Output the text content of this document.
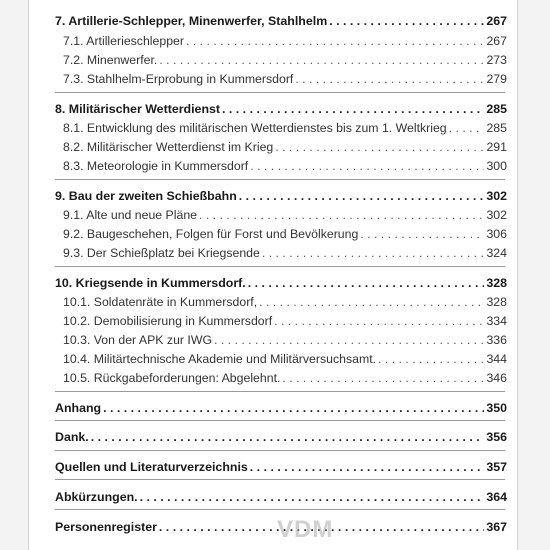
7. Artillerie-Schlepper, Minenwerfer, Stahlhelm . . .	267
7.1. Artillerieschlepper . . .	267
7.2. Minenwerfer. . . .	273
7.3. Stahlhelm-Erprobung in Kummersdorf . . .	279
8. Militärischer Wetterdienst . . .	285
8.1. Entwicklung des militärischen Wetterdienstes bis zum 1. Weltkrieg . . .	285
8.2. Militärischer Wetterdienst im Krieg . . .	291
8.3. Meteorologie in Kummersdorf . . .	300
9. Bau der zweiten Schießbahn . . .	302
9.1. Alte und neue Pläne . . .	302
9.2. Baugeschehen, Folgen für Forst und Bevölkerung . . .	306
9.3. Der Schießplatz bei Kriegsende . . .	324
10. Kriegsende in Kummersdorf. . . .	328
10.1. Soldatenräte in Kummersdorf, . . .	328
10.2. Demobilisierung in Kummersdorf . . .	334
10.3. Von der APK zur IWG . . .	336
10.4. Militärtechnische Akademie und Militärversuchsamt. . . .	344
10.5. Rückgabeforderungen: Abgelehnt. . . .	346
Anhang . . .	350
Dank. . . .	356
Quellen und Literaturverzeichnis . . .	357
Abkürzungen. . . .	364
Personenregister . . .	367
VDM
